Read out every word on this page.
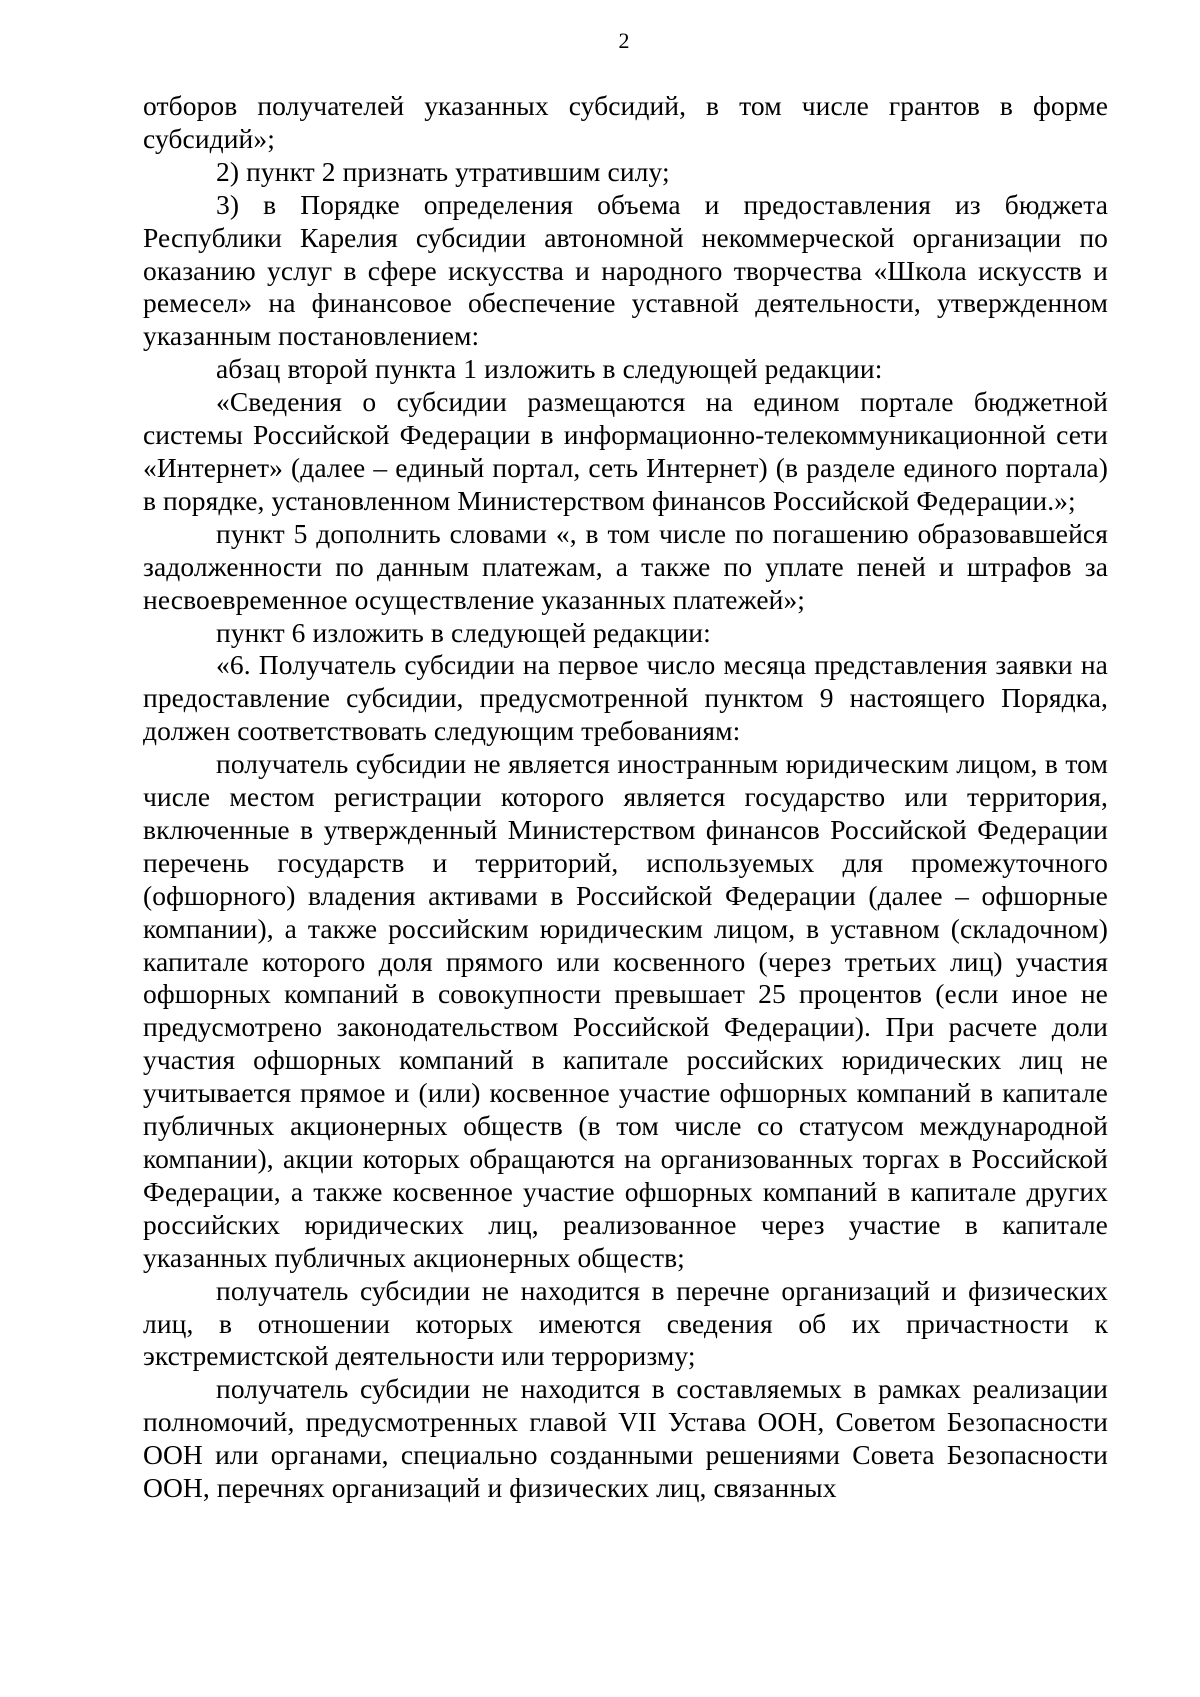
2

отборов получателей указанных субсидий, в том числе грантов в форме субсидий»;

2) пункт 2 признать утратившим силу;

3) в Порядке определения объема и предоставления из бюджета Республики Карелия субсидии автономной некоммерческой организации по оказанию услуг в сфере искусства и народного творчества «Школа искусств и ремесел» на финансовое обеспечение уставной деятельности, утвержденном указанным постановлением:

абзац второй пункта 1 изложить в следующей редакции:

«Сведения о субсидии размещаются на едином портале бюджетной системы Российской Федерации в информационно-телекоммуникационной сети «Интернет» (далее – единый портал, сеть Интернет) (в разделе единого портала) в порядке, установленном Министерством финансов Российской Федерации.»;

пункт 5 дополнить словами «, в том числе по погашению образовавшейся задолженности по данным платежам, а также по уплате пеней и штрафов за несвоевременное осуществление указанных платежей»;

пункт 6 изложить в следующей редакции:

«6. Получатель субсидии на первое число месяца представления заявки на предоставление субсидии, предусмотренной пунктом 9 настоящего Порядка, должен соответствовать следующим требованиям:

получатель субсидии не является иностранным юридическим лицом, в том числе местом регистрации которого является государство или территория, включенные в утвержденный Министерством финансов Российской Федерации перечень государств и территорий, используемых для промежуточного (офшорного) владения активами в Российской Федерации (далее – офшорные компании), а также российским юридическим лицом, в уставном (складочном) капитале которого доля прямого или косвенного (через третьих лиц) участия офшорных компаний в совокупности превышает 25 процентов (если иное не предусмотрено законодательством Российской Федерации). При расчете доли участия офшорных компаний в капитале российских юридических лиц не учитывается прямое и (или) косвенное участие офшорных компаний в капитале публичных акционерных обществ (в том числе со статусом международной компании), акции которых обращаются на организованных торгах в Российской Федерации, а также косвенное участие офшорных компаний в капитале других российских юридических лиц, реализованное через участие в капитале указанных публичных акционерных обществ;

получатель субсидии не находится в перечне организаций и физических лиц, в отношении которых имеются сведения об их причастности к экстремистской деятельности или терроризму;

получатель субсидии не находится в составляемых в рамках реализации полномочий, предусмотренных главой VII Устава ООН, Советом Безопасности ООН или органами, специально созданными решениями Совета Безопасности ООН, перечнях организаций и физических лиц, связанных
